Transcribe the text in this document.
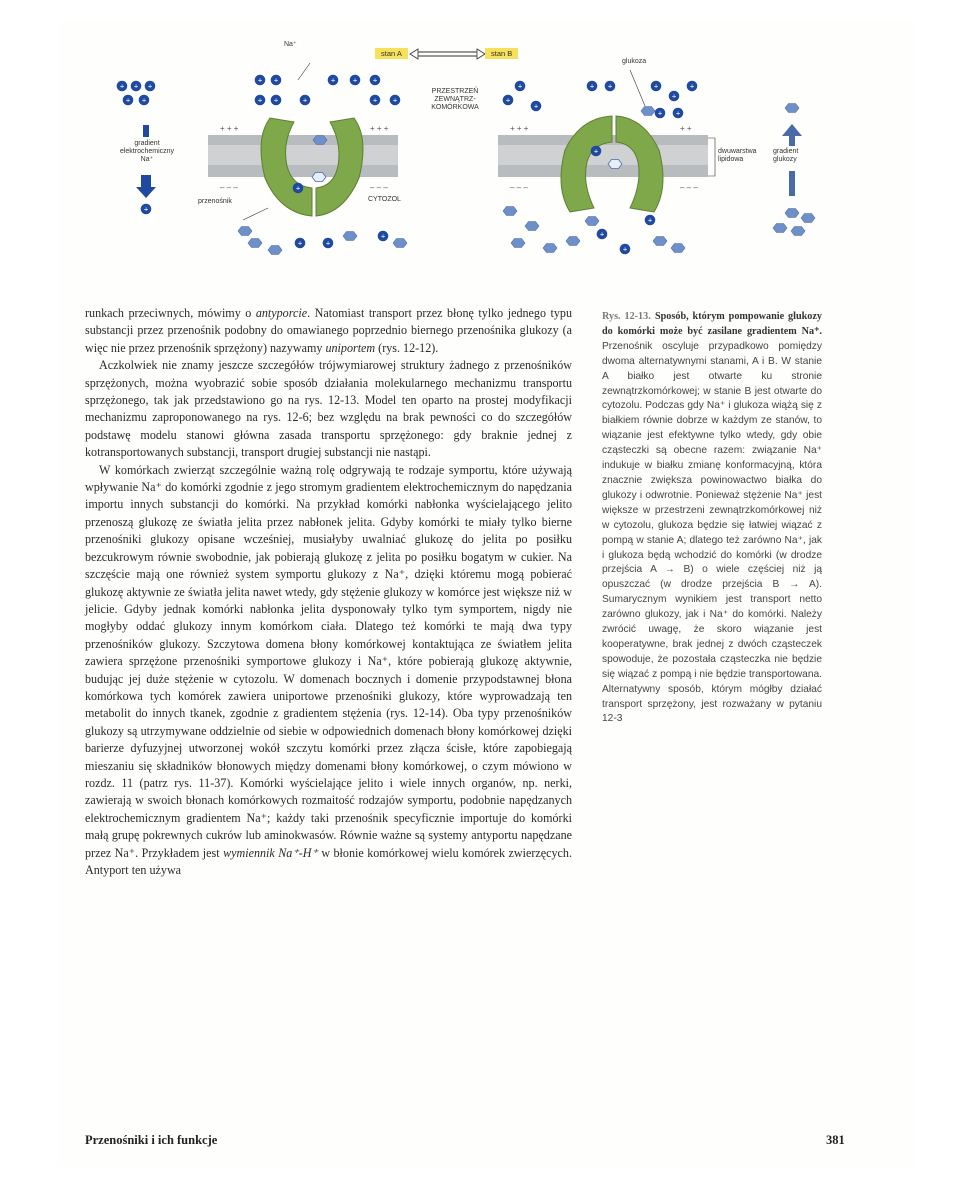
+
+ + +	+ + +
– – –	– – –
+ + +	+ +
– – –	– – –
Na⁺
stan A	stan B
glukoza
gradient
elektrochemiczny
Na⁺
PRZESTRZEŃ
ZEWNĄTRZ-
KOMÓRKOWA
CYTOZOL
przenośnik
dwuwarstwa
lipidowa
gradient
glukozy

runkach przeciwnych, mówimy o antyporcie. Natomiast transport przez błonę tylko jednego typu substancji przez przenośnik podobny do omawianego poprzednio biernego przenośnika glukozy (a więc nie przez przenośnik sprzężony) nazywamy uniportem (rys. 12-12).

Aczkolwiek nie znamy jeszcze szczegółów trójwymiarowej struktury żadnego z przenośników sprzężonych, można wyobrazić sobie sposób działania molekularnego mechanizmu transportu sprzężonego, tak jak przedstawiono go na rys. 12-13. Model ten oparto na prostej modyfikacji mechanizmu zaproponowanego na rys. 12-6; bez względu na brak pewności co do szczegółów podstawę modelu stanowi główna zasada transportu sprzężonego: gdy braknie jednej z kotransportowanych substancji, transport drugiej substancji nie nastąpi.

W komórkach zwierząt szczególnie ważną rolę odgrywają te rodzaje symportu, które używają wpływanie Na⁺ do komórki zgodnie z jego stromym gradientem elektrochemicznym do napędzania importu innych substancji do komórki. Na przykład komórki nabłonka wyścielającego jelito przenoszą glukozę ze światła jelita przez nabłonek jelita. Gdyby komórki te miały tylko bierne przenośniki glukozy opisane wcześniej, musiałyby uwalniać glukozę do jelita po posiłku bezcukrowym równie swobodnie, jak pobierają glukozę z jelita po posiłku bogatym w cukier. Na szczęście mają one również system symportu glukozy z Na⁺, dzięki któremu mogą pobierać glukozę aktywnie ze światła jelita nawet wtedy, gdy stężenie glukozy w komórce jest większe niż w jelicie. Gdyby jednak komórki nabłonka jelita dysponowały tylko tym symportem, nigdy nie mogłyby oddać glukozy innym komórkom ciała. Dlatego też komórki te mają dwa typy przenośników glukozy. Szczytowa domena błony komórkowej kontaktująca ze światłem jelita zawiera sprzężone przenośniki symportowe glukozy i Na⁺, które pobierają glukozę aktywnie, budując jej duże stężenie w cytozolu. W domenach bocznych i domenie przypodstawnej błona komórkowa tych komórek zawiera uniportowe przenośniki glukozy, które wyprowadzają ten metabolit do innych tkanek, zgodnie z gradientem stężenia (rys. 12-14). Oba typy przenośników glukozy są utrzymywane oddzielnie od siebie w odpowiednich domenach błony komórkowej dzięki barierze dyfuzyjnej utworzonej wokół szczytu komórki przez złącza ścisłe, które zapobiegają mieszaniu się składników błonowych między domenami błony komórkowej, o czym mówiono w rozdz. 11 (patrz rys. 11-37). Komórki wyścielające jelito i wiele innych organów, np. nerki, zawierają w swoich błonach komórkowych rozmaitość rodzajów symportu, podobnie napędzanych elektrochemicznym gradientem Na⁺; każdy taki przenośnik specyficznie importuje do komórki małą grupę pokrewnych cukrów lub aminokwasów. Równie ważne są systemy antyportu napędzane przez Na⁺. Przykładem jest wymiennik Na⁺-H⁺ w błonie komórkowej wielu komórek zwierzęcych. Antyport ten używa

Rys. 12-13. Sposób, którym pompowanie glukozy do komórki może być zasilane gradientem Na⁺. Przenośnik oscyluje przypadkowo pomiędzy dwoma alternatywnymi stanami, A i B. W stanie A białko jest otwarte ku stronie zewnątrzkomórkowej; w stanie B jest otwarte do cytozolu. Podczas gdy Na⁺ i glukoza wiążą się z białkiem równie dobrze w każdym ze stanów, to wiązanie jest efektywne tylko wtedy, gdy obie cząsteczki są obecne razem: związanie Na⁺ indukuje w białku zmianę konformacyjną, która znacznie zwiększa powinowactwo białka do glukozy i odwrotnie. Ponieważ stężenie Na⁺ jest większe w przestrzeni zewnątrzkomórkowej niż w cytozolu, glukoza będzie się łatwiej wiązać z pompą w stanie A; dlatego też zarówno Na⁺, jak i glukoza będą wchodzić do komórki (w drodze przejścia A → B) o wiele częściej niż ją opuszczać (w drodze przejścia B → A). Sumarycznym wynikiem jest transport netto zarówno glukozy, jak i Na⁺ do komórki. Należy zwrócić uwagę, że skoro wiązanie jest kooperatywne, brak jednej z dwóch cząsteczek spowoduje, że pozostała cząsteczka nie będzie się wiązać z pompą i nie będzie transportowana. Alternatywny sposób, którym mógłby działać transport sprzężony, jest rozważany w pytaniu 12-3
Przenośniki i ich funkcje	381
